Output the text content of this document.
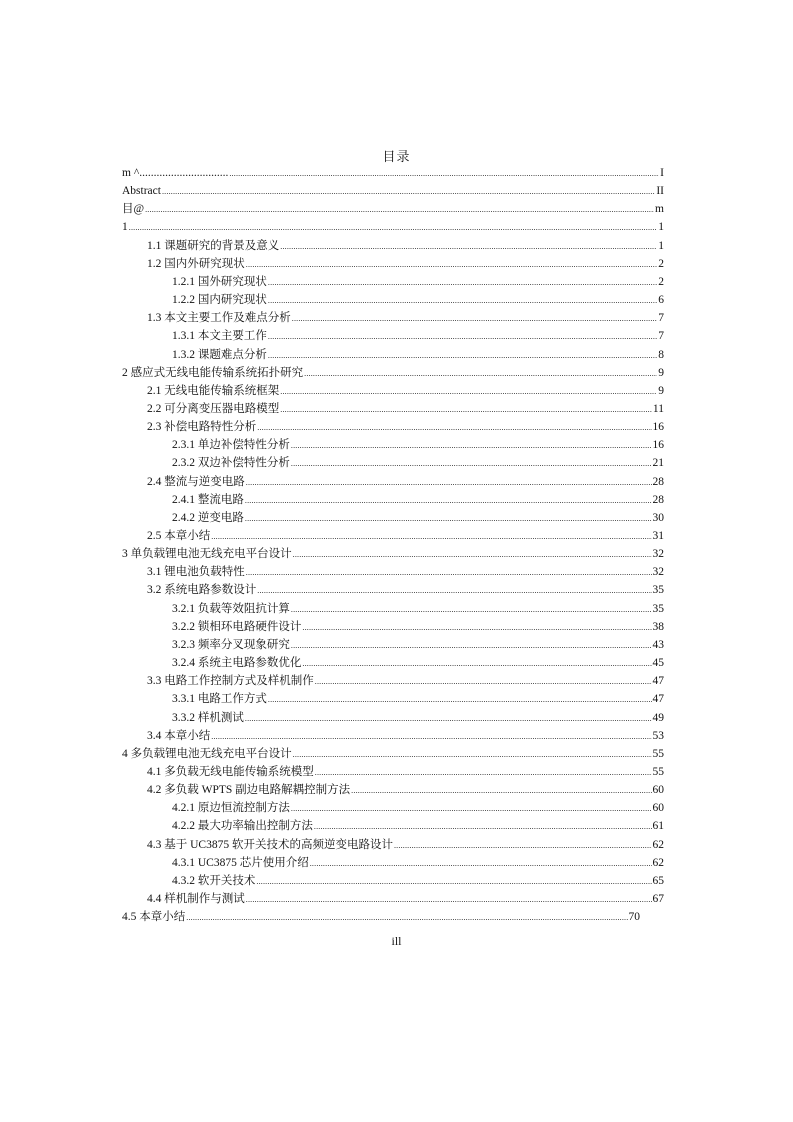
目录
m ^............................... .....	I
Abstract .....	II
目@ .....	m
1 .....	1
1.1 课题研究的背景及意义 .....	1
1.2 国内外研究现状 .....	2
1.2.1 国外研究现状 .....	2
1.2.2 国内研究现状 .....	6
1.3 本文主要工作及难点分析 .....	7
1.3.1 本文主要工作 .....	7
1.3.2 课题难点分析 .....	8
2 感应式无线电能传输系统拓扑研究 .....	9
2.1 无线电能传输系统框架 .....	9
2.2 可分离变压器电路模型 .....	11
2.3 补偿电路特性分析 .....	16
2.3.1 单边补偿特性分析 .....	16
2.3.2 双边补偿特性分析 .....	21
2.4 整流与逆变电路 .....	28
2.4.1 整流电路 .....	28
2.4.2 逆变电路 .....	30
2.5 本章小结 .....	31
3 单负载锂电池无线充电平台设计 .....	32
3.1 锂电池负载特性 .....	32
3.2 系统电路参数设计 .....	35
3.2.1 负载等效阻抗计算 .....	35
3.2.2 锁相环电路硬件设计 .....	38
3.2.3 频率分叉现象研究 .....	43
3.2.4 系统主电路参数优化 .....	45
3.3 电路工作控制方式及样机制作 .....	47
3.3.1 电路工作方式 .....	47
3.3.2 样机测试 .....	49
3.4 本章小结 .....	53
4 多负载锂电池无线充电平台设计 .....	55
4.1 多负载无线电能传输系统模型 .....	55
4.2 多负载 WPTS 副边电路解耦控制方法 .....	60
4.2.1 原边恒流控制方法 .....	60
4.2.2 最大功率输出控制方法 .....	61
4.3 基于 UC3875 软开关技术的高频逆变电路设计 .....	62
4.3.1 UC3875 芯片使用介绍 .....	62
4.3.2 软开关技术 .....	65
4.4 样机制作与测试 .....	67
4.5 本章小结 .....	70
ill
